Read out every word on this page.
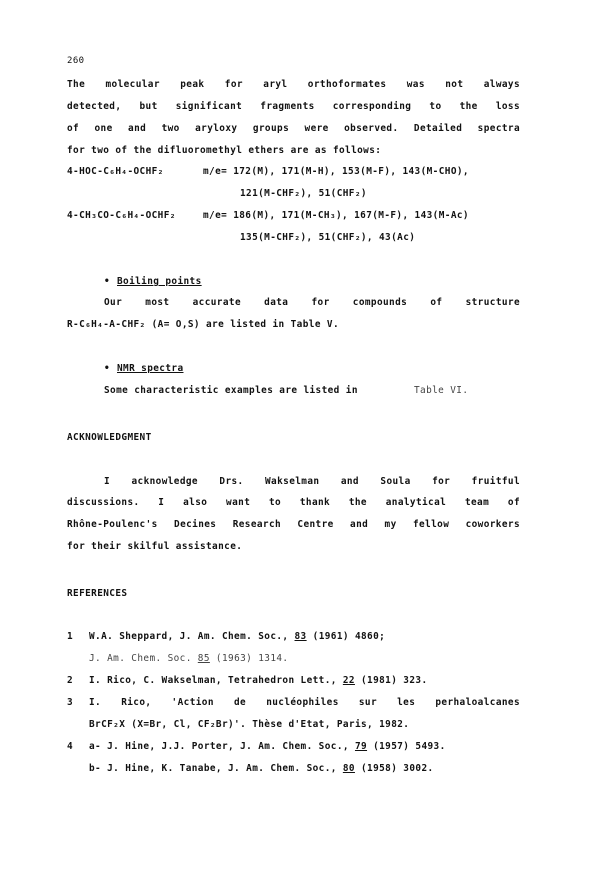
260
The molecular peak for aryl orthoformates was not always
detected, but significant fragments corresponding to the loss
of one and two aryloxy groups were observed. Detailed spectra
for two of the difluoromethyl ethers are as follows:
4-HOC-C₆H₄-OCHF₂	m/e= 172(M), 171(M-H), 153(M-F), 143(M-CHO),
121(M-CHF₂), 51(CHF₂)
4-CH₃CO-C₆H₄-OCHF₂	m/e= 186(M), 171(M-CH₃), 167(M-F), 143(M-Ac)
135(M-CHF₂), 51(CHF₂), 43(Ac)
• Boiling points
Our most accurate data for compounds of structure
R-C₆H₄-A-CHF₂ (A= O,S) are listed in Table V.
• NMR spectra
Some characteristic examples are listed in	Table VI.
ACKNOWLEDGMENT
I acknowledge Drs. Wakselman and Soula for fruitful
discussions. I also want to thank the analytical team of
Rhône-Poulenc's Decines Research Centre and my fellow coworkers
for their skilful assistance.
REFERENCES
1 W.A. Sheppard, J. Am. Chem. Soc., 83 (1961) 4860;
J. Am. Chem. Soc. 85 (1963) 1314.
2 I. Rico, C. Wakselman, Tetrahedron Lett., 22 (1981) 323.
3 I. Rico, 'Action de nucléophiles sur les perhaloalcanes
BrCF₂X (X=Br, Cl, CF₂Br)'. Thèse d'Etat, Paris, 1982.
4 a- J. Hine, J.J. Porter, J. Am. Chem. Soc., 79 (1957) 5493.
b- J. Hine, K. Tanabe, J. Am. Chem. Soc., 80 (1958) 3002.
